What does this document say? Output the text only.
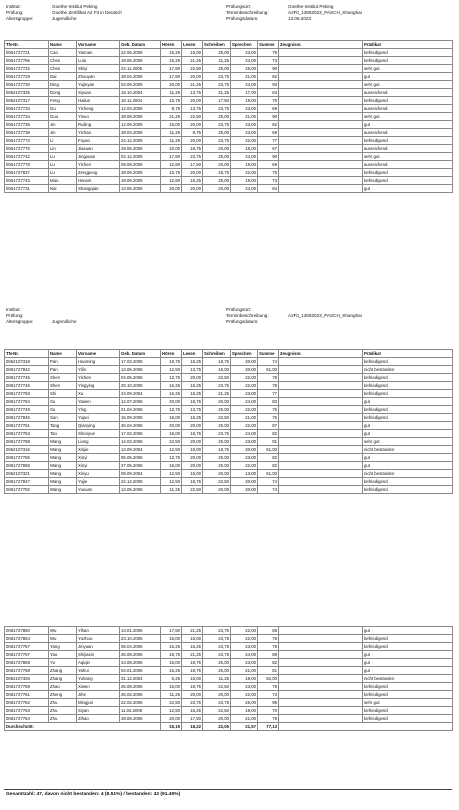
Institut:	Goethe-Institut Peking
Prüfung:	Goethe Zertifikat A2 Fit in Deutsch
Altersgruppe:	Jugendliche
Prüfungsort:	Goethe-Institut Peking
Terminbeschreibung:	A2Fit_13062023_PASCH_Shanghai
Prüfungsdatum:	13.06.2023
TN-Nr.	Name	Vorname	Geb. Datum	Hören	Lesen	Schreiben	Sprechen	Summe	Zeugnisnr.	Prädikat
0061727721	Cao	Yannan	22.06.2006	16,25	15,00	25,00	23,00	79		befriedigend
0061727766	Chen	Lulu	19.05.2006	16,25	21,25	11,25	24,00	73		befriedigend
0061727722	Chen	Shiyi	22.11.2005	17,50	22,50	25,00	25,00	90		sehr gut
0061727729	Dai	Zhouyan	28.04.2006	17,50	20,00	23,75	21,00	82		gut
0061727730	Ding	Yujinyan	03.09.2005	20,00	21,25	23,75	24,00	93		sehr gut
0062107325	Dong	Siyuan	15.10.2004	11,25	13,75	21,25	17,00	63		ausreichend
0062107317	Feng	Hailun	16.11.2004	13,75	20,00	17,50	19,00	70		befriedigend
0061727733	Gu	Yicheng	12.03.2006	8,75	13,75	23,75	23,00	69		ausreichend
0061727734	Guo	Yinuo	28.08.2006	21,25	22,50	25,00	21,00	90		sehr gut
0061727735	Jin	Ruiling	12.09.2005	15,00	20,00	23,75	23,00	82		gut
0061727738	Jin	Yichao	28.03.2006	11,25	8,75	25,00	23,00	68		ausreichend
0061727773	Li	Fuyao	24.12.2005	11,25	20,00	23,75	22,00	77		befriedigend
0061727776	Lin	Jiaxuan	29.05.2006	10,00	18,75	20,00	18,00	67		ausreichend
0061727742	Lu	Jingxuan	02.12.2005	17,50	23,75	25,00	24,00	90		sehr gut
0061727778	Lu	Yichen	09.08.2006	12,50	17,50	20,00	19,00	69		ausreichend
0061727837	Lu	Zengpeng	28.09.2005	13,75	20,00	18,75	22,00	75		befriedigend
0061727743	Mao	Hanxin	19.09.2005	12,50	16,25	25,00	19,00	73		befriedigend
0061727731	Nai	Shangqian	13.05.2006	20,00	20,00	20,00	24,00	84		gut
Institut:
Prüfung:
Altersgruppe:	Jugendliche
Prüfungsort:
Terminbeschreibung:	A2Fit_13062023_PASCH_Shanghai
Prüfungsdatum:
TN-Nr.	Name	Vorname	Geb. Datum	Hören	Lesen	Schreiben	Sprechen	Summe	Zeugnisnr.	Prädikat
0062107319	Pan	Haoming	17.03.2005	18,75	16,25	18,75	20,00	74		befriedigend
0061727842	Pan	Yilin	13.06.2006	12,50	13,75	15,00	20,00	61,00		nicht bestanden
0061727745	Shen	Yichen	04.05.2006	13,75	20,00	22,50	22,00	78		befriedigend
0061727746	Shen	Yingying	20.10.2005	16,25	16,25	23,75	22,00	78		befriedigend
0061727783	Shi	Xu	24.09.2004	16,25	16,25	21,25	23,00	77		befriedigend
0061727784	Su	Yawen	12.07.2006	20,00	18,75	20,00	24,00	83		gut
0061727749	Su	Ying	21.04.2006	13,75	13,75	25,00	22,00	75		befriedigend
0061727846	Sun	Yupei	15.09.2005	15,00	16,25	22,50	21,00	75		befriedigend
0061727751	Tang	Qianying	26.04.2006	20,00	20,00	25,00	22,00	87		gut
0061727753	Tao	Shenyue	17.02.2006	15,00	18,75	23,75	24,00	82		gut
0061727788	Wang	Liang	14.03.2006	22,50	20,00	25,00	23,00	91		sehr gut
0062107316	Wang	Xinjie	13.09.2004	12,50	10,00	18,75	20,00	61,00		nicht bestanden
0061727755	Wang	Xinyi	06.05.2006	13,75	20,00	25,00	23,00	82		gut
0061727865	Wang	Xinyi	27.05.2006	15,00	20,00	25,00	22,00	82		gut
0062107321	Wang	Xinyu	08.09.2004	12,50	15,00	20,00	13,00	61,00		nicht bestanden
0061727847	Wang	Yujie	24.12.2005	12,50	18,75	22,50	20,00	74		befriedigend
0061727792	Wang	Yuxuan	13.05.2006	11,25	22,50	20,00	20,00	74		befriedigend
0061727850	Wu	Yihan	13.01.2006	17,50	21,25	23,75	22,00	85		gut
0061727854	Wu	Yuzhou	23.10.2005	15,00	15,00	23,75	22,00	76		befriedigend
0061727757	Yang	Jinyuan	06.04.2006	16,25	16,25	23,75	23,00	79		befriedigend
0061727797	Yao	Shijiaxin	26.08.2006	18,75	21,25	23,75	24,00	88		gut
0061727859	Yu	Aqiqin	24.08.2006	15,00	18,75	25,00	23,00	82		gut
0061727758	Zhang	Yahui	04.01.2006	16,25	18,75	25,00	21,00	81		gut
0062107326	Zhang	Yuhang	31.12.2004	6,25	15,00	11,25	19,00	52,00		nicht bestanden
0061727759	Zhao	Xiwen	25.08.2006	15,00	18,75	22,50	23,00	79		befriedigend
0061727761	Zheng	Jihe	26.02.2006	11,25	20,00	20,00	22,00	73		befriedigend
0061727762	Zhu	Mingjun	22.02.2006	22,50	23,75	23,75	25,00	95		sehr gut
0061727763	Zhu	Siyan	11.04.2006	12,50	16,25	22,50	19,00	70		befriedigend
0061727754	Zhu	Zihao	28.06.2006	20,00	17,50	20,00	21,00	79		befriedigend
Durchschnitt:				15,19	18,22	22,05	21,57	77,13		
Gesamtzahl: 47, davon nicht bestanden: 4 (8.51%) / bestanden: 43 (91.49%)
